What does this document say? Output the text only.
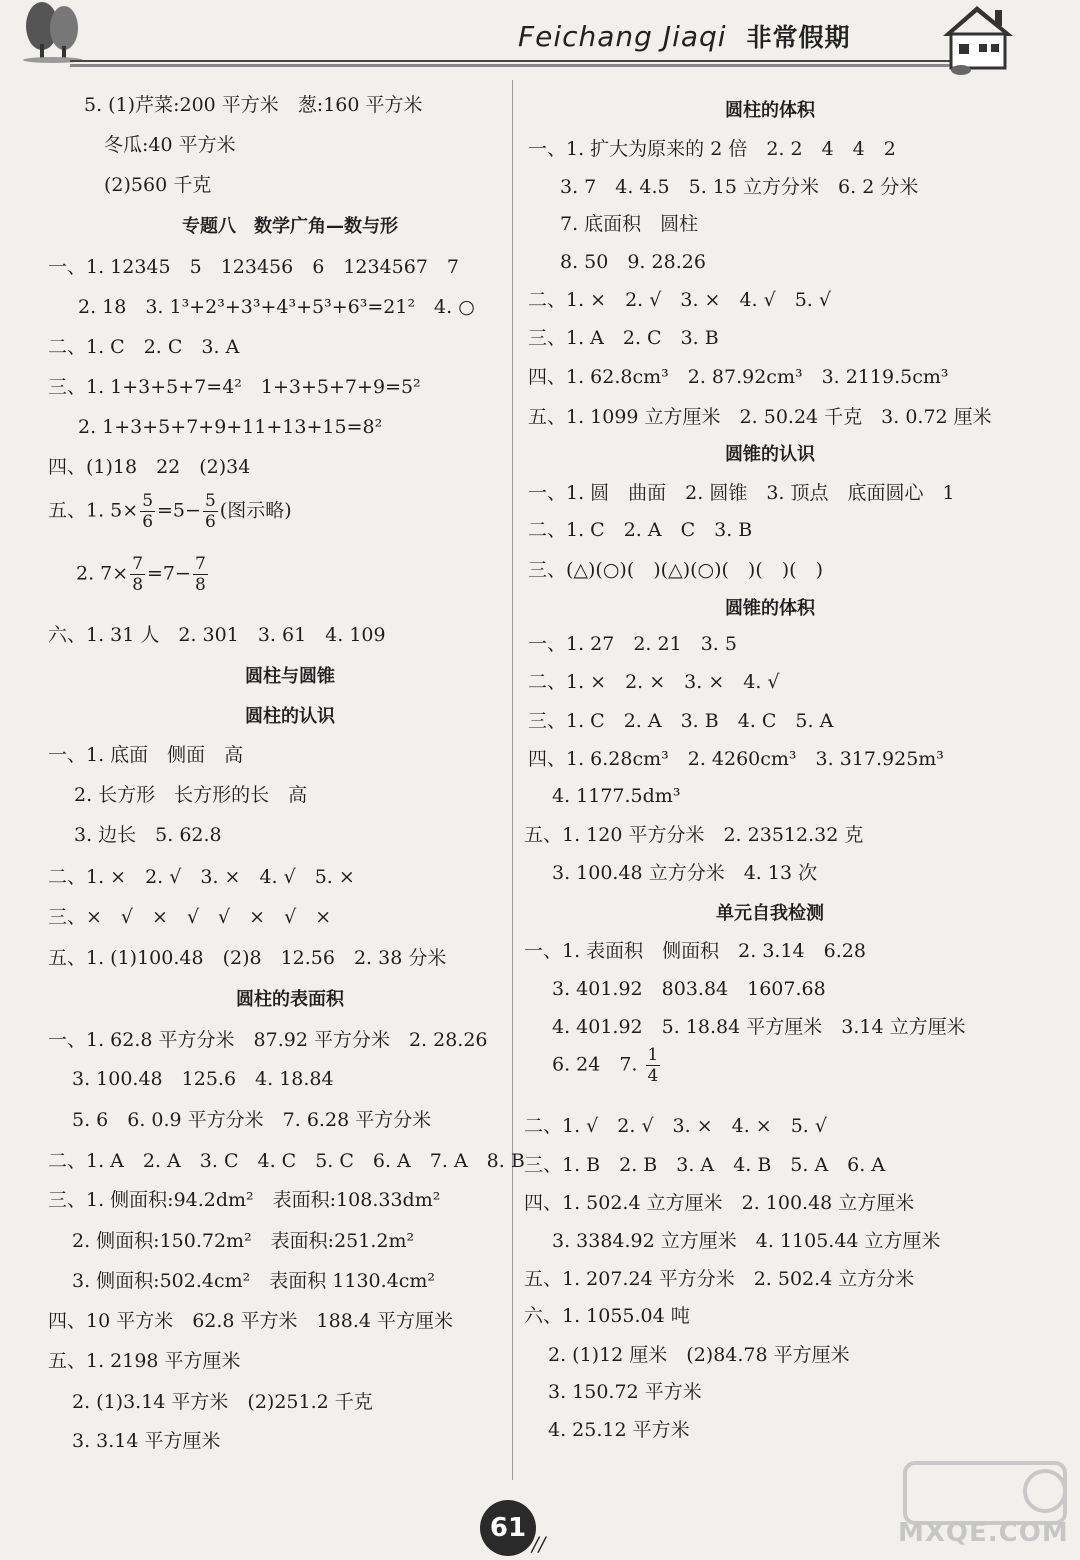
Feichang Jiaqi 非常假期
5. (1)芹菜:200 平方米　葱:160 平方米
冬瓜:40 平方米
(2)560 千克
专题八　数学广角—数与形
一、1. 12345　5　123456　6　1234567　7
2. 18　3. 1³+2³+3³+4³+5³+6³=21²　4. ○
二、1. C　2. C　3. A
三、1. 1+3+5+7=4²　1+3+5+7+9=5²
2. 1+3+5+7+9+11+13+15=8²
四、(1)18　22　(2)34
五、1. $5\times \frac{5}{6} =5- \frac{5}{6}$ (图示略)
2. $7\times \frac{7}{8} =7- \frac{7}{8}$
六、1. 31 人　2. 301　3. 61　4. 109
圆柱与圆锥
圆柱的认识
一、1. 底面　侧面　高
2. 长方形　长方形的长　高
3. 边长　5. 62.8
二、1. ×　2. √　3. ×　4. √　5. ×
三、×　√　×　√　√　×　√　×
五、1. (1)100.48　(2)8　12.56　2. 38 分米
圆柱的表面积
一、1. 62.8 平方分米　87.92 平方分米　2. 28.26
3. 100.48　125.6　4. 18.84
5. 6　6. 0.9 平方分米　7. 6.28 平方分米
二、1. A　2. A　3. C　4. C　5. C　6. A　7. A　8. B
三、1. 侧面积:94.2dm²　表面积:108.33dm²
2. 侧面积:150.72m²　表面积:251.2m²
3. 侧面积:502.4cm²　表面积 1130.4cm²
四、10 平方米　62.8 平方米　188.4 平方厘米
五、1. 2198 平方厘米
2. (1)3.14 平方米　(2)251.2 千克
3. 3.14 平方厘米
圆柱的体积
一、1. 扩大为原来的 2 倍　2. 2　4　4　2
3. 7　4. 4.5　5. 15 立方分米　6. 2 分米
7. 底面积　圆柱
8. 50　9. 28.26
二、1. ×　2. √　3. ×　4. √　5. √
三、1. A　2. C　3. B
四、1. 62.8cm³　2. 87.92cm³　3. 2119.5cm³
五、1. 1099 立方厘米　2. 50.24 千克　3. 0.72 厘米
圆锥的认识
一、1. 圆　曲面　2. 圆锥　3. 顶点　底面圆心　1
二、1. C　2. A　C　3. B
三、(△)(○)(　)(△)(○)(　)(　)(　)
圆锥的体积
一、1. 27　2. 21　3. 5
二、1. ×　2. ×　3. ×　4. √
三、1. C　2. A　3. B　4. C　5. A
四、1. 6.28cm³　2. 4260cm³　3. 317.925m³
4. 1177.5dm³
五、1. 120 平方分米　2. 23512.32 克
3. 100.48 立方分米　4. 13 次
单元自我检测
一、1. 表面积　侧面积　2. 3.14　6.28
3. 401.92　803.84　1607.68
4. 401.92　5. 18.84 平方厘米　3.14 立方厘米
6. 24　7. $\frac{1}{4}$
二、1. √　2. √　3. ×　4. ×　5. √
三、1. B　2. B　3. A　4. B　5. A　6. A
四、1. 502.4 立方厘米　2. 100.48 立方厘米
3. 3384.92 立方厘米　4. 1105.44 立方厘米
五、1. 207.24 平方分米　2. 502.4 立方分米
六、1. 1055.04 吨
2. (1)12 厘米　(2)84.78 平方厘米
3. 150.72 平方米
4. 25.12 平方米
61
//	MXQE.COM
